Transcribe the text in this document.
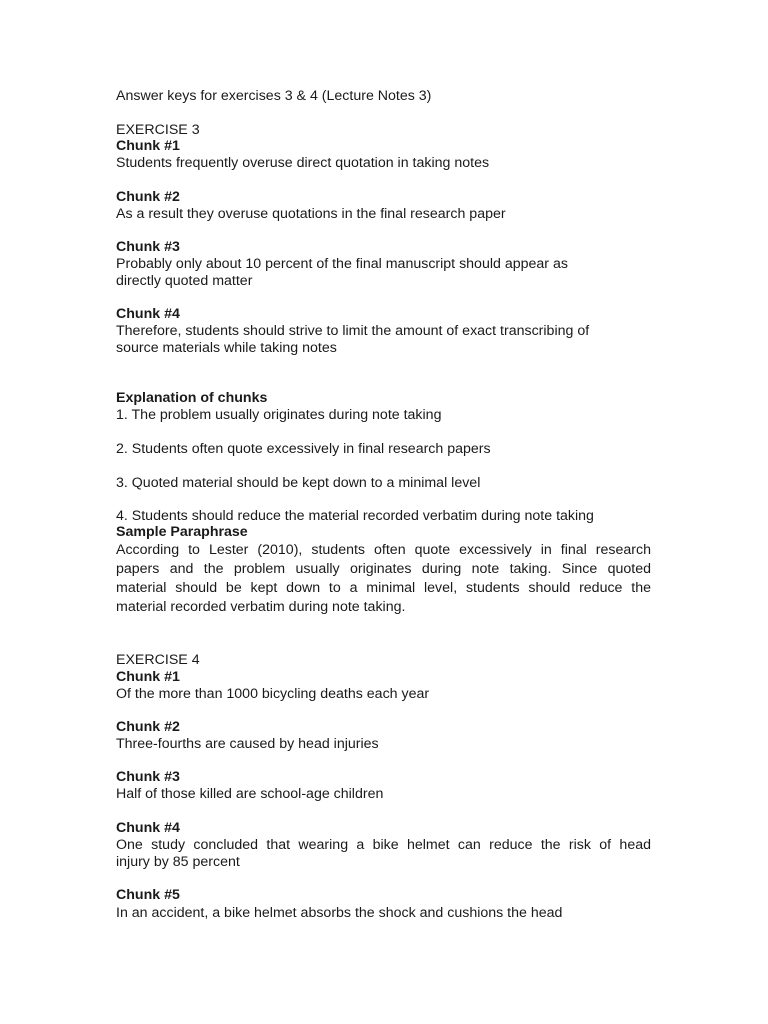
Answer keys for exercises 3 & 4 (Lecture Notes 3)
EXERCISE 3
Chunk #1
Students frequently overuse direct quotation in taking notes
Chunk #2
As a result they overuse quotations in the final research paper
Chunk #3
Probably only about 10 percent of the final manuscript should appear as
directly quoted matter
Chunk #4
Therefore, students should strive to limit the amount of exact transcribing of
source materials while taking notes
Explanation of chunks
1. The problem usually originates during note taking
2. Students often quote excessively in final research papers
3. Quoted material should be kept down to a minimal level
4. Students should reduce the material recorded verbatim during note taking
Sample Paraphrase
According to Lester (2010), students often quote excessively in final research
papers and the problem usually originates during note taking. Since quoted
material should be kept down to a minimal level, students should reduce the
material recorded verbatim during note taking.
EXERCISE 4
Chunk #1
Of the more than 1000 bicycling deaths each year
Chunk #2
Three-fourths are caused by head injuries
Chunk #3
Half of those killed are school-age children
Chunk #4
One study concluded that wearing a bike helmet can reduce the risk of head
injury by 85 percent
Chunk #5
In an accident, a bike helmet absorbs the shock and cushions the head
